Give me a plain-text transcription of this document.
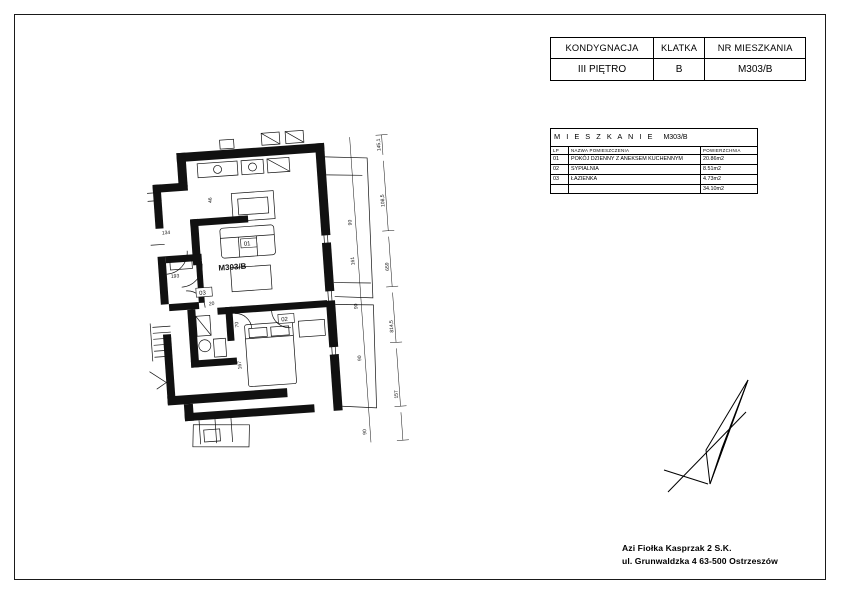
KONDYGNACJA	KLATKA	NR MIESZKANIA
III PIĘTRO	B	M303/B
M I E S Z K A N I E M303/B		
LP	NAZWA POMIESZCZENIA	POWIERZCHNIA
01	POKÓJ DZIENNY Z ANEKSEM KUCHENNYM	20.86m2
02	SYPIALNIA	8.51m2
03	ŁAZIENKA	4.73m2
		34.10m2
Azi Fiołka Kasprzak 2 S.K.
ul. Grunwaldzka 4 63-500 Ostrzeszów
145,1
108,5
90
161
659
90
814,5
90
157
90
134
193
20
46
70
167
55
01
02
03
M303/B
